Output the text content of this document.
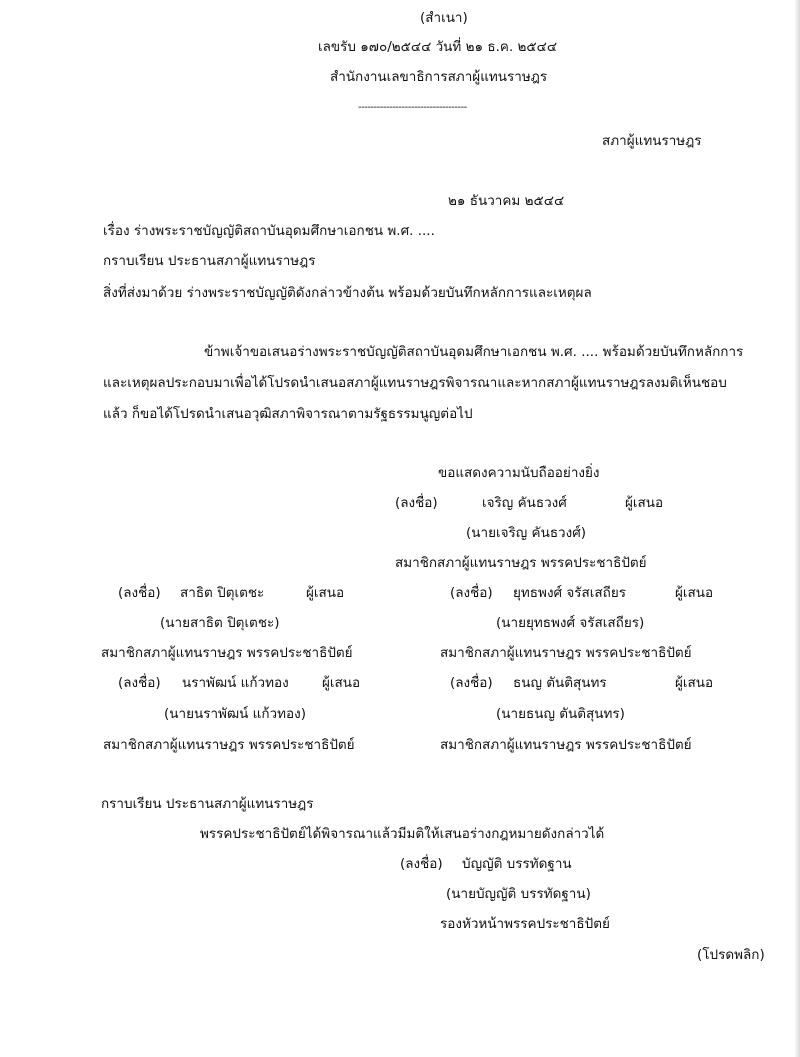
(สำเนา)
เลขรับ ๑๗๐/๒๕๔๔ วันที่ ๒๑ ธ.ค. ๒๕๔๔
สำนักงานเลขาธิการสภาผู้แทนราษฎร
-----------------------------------
สภาผู้แทนราษฎร
๒๑ ธันวาคม ๒๕๔๔
เรื่อง ร่างพระราชบัญญัติสถาบันอุดมศึกษาเอกชน พ.ศ. ....
กราบเรียน ประธานสภาผู้แทนราษฎร
สิ่งที่ส่งมาด้วย ร่างพระราชบัญญัติดังกล่าวข้างต้น พร้อมด้วยบันทึกหลักการและเหตุผล
ข้าพเจ้าขอเสนอร่างพระราชบัญญัติสถาบันอุดมศึกษาเอกชน พ.ศ. .... พร้อมด้วยบันทึกหลักการ
และเหตุผลประกอบมาเพื่อได้โปรดนำเสนอสภาผู้แทนราษฎรพิจารณาและหากสภาผู้แทนราษฎรลงมติเห็นชอบ
แล้ว ก็ขอได้โปรดนำเสนอวุฒิสภาพิจารณาตามรัฐธรรมนูญต่อไป
ขอแสดงความนับถืออย่างยิ่ง
(ลงชื่อ)	เจริญ คันธวงศ์	ผู้เสนอ
(นายเจริญ คันธวงศ์)
สมาชิกสภาผู้แทนราษฎร พรรคประชาธิปัตย์
(ลงชื่อ) สาธิต ปิตุเตชะ	ผู้เสนอ
(นายสาธิต ปิตุเตชะ)
สมาชิกสภาผู้แทนราษฎร พรรคประชาธิปัตย์
(ลงชื่อ) นราพัฒน์ แก้วทอง ผู้เสนอ
(นายนราพัฒน์ แก้วทอง)
สมาชิกสภาผู้แทนราษฎร พรรคประชาธิปัตย์
(ลงชื่อ) ยุทธพงศ์ จรัสเสถียร	ผู้เสนอ
(นายยุทธพงศ์ จรัสเสถียร)
สมาชิกสภาผู้แทนราษฎร พรรคประชาธิปัตย์
(ลงชื่อ) ธนญ ตันติสุนทร	ผู้เสนอ
(นายธนญ ตันติสุนทร)
สมาชิกสภาผู้แทนราษฎร พรรคประชาธิปัตย์
กราบเรียน ประธานสภาผู้แทนราษฎร
พรรคประชาธิปัตย์ได้พิจารณาแล้วมีมติให้เสนอร่างกฎหมายดังกล่าวได้
(ลงชื่อ) บัญญัติ บรรทัดฐาน
(นายบัญญัติ บรรทัดฐาน)
รองหัวหน้าพรรคประชาธิปัตย์
(โปรดพลิก)
